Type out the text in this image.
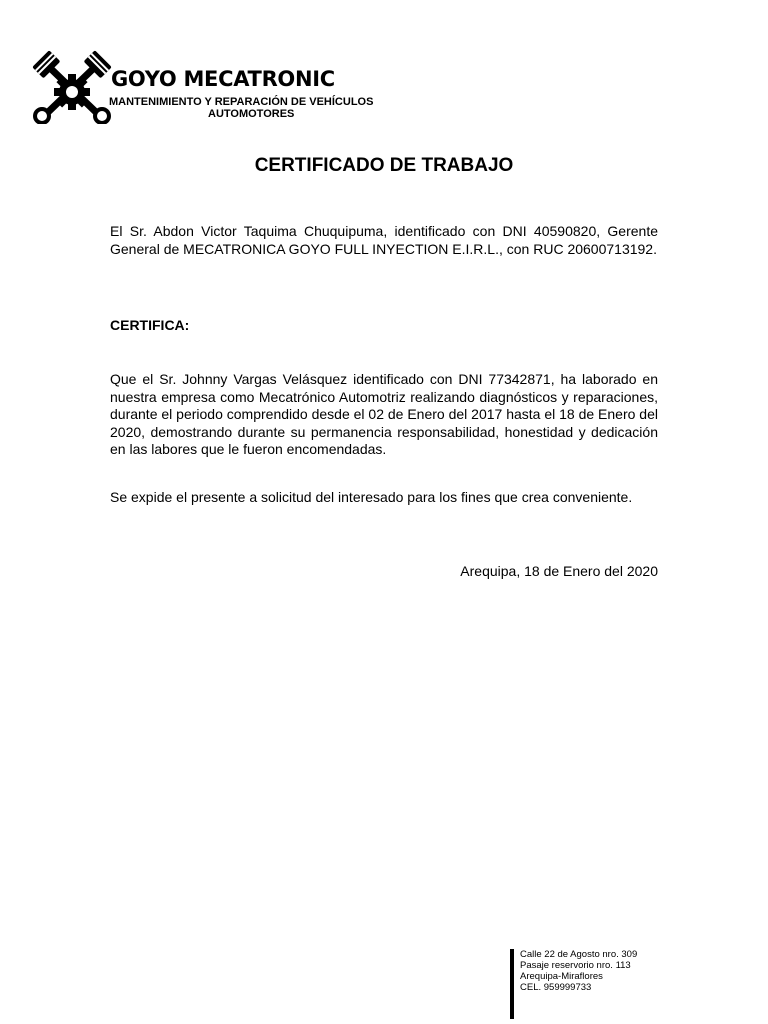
GOYO MECATRONIC
MANTENIMIENTO Y REPARACIÓN DE VEHÍCULOS
AUTOMOTORES
CERTIFICADO DE TRABAJO

El Sr. Abdon Victor Taquima Chuquipuma, identificado con DNI 40590820, Gerente General de MECATRONICA GOYO FULL INYECTION E.I.R.L., con RUC 20600713192.

CERTIFICA:

Que el Sr. Johnny Vargas Velásquez identificado con DNI 77342871, ha laborado en nuestra empresa como Mecatrónico Automotriz realizando diagnósticos y reparaciones, durante el periodo comprendido desde el 02 de Enero del 2017 hasta el 18 de Enero del 2020, demostrando durante su permanencia responsabilidad, honestidad y dedicación en las labores que le fueron encomendadas.

Se expide el presente a solicitud del interesado para los fines que crea conveniente.

Arequipa, 18 de Enero del 2020
Calle 22 de Agosto nro. 309
Pasaje reservorio nro. 113
Arequipa-Miraflores
CEL. 959999733
